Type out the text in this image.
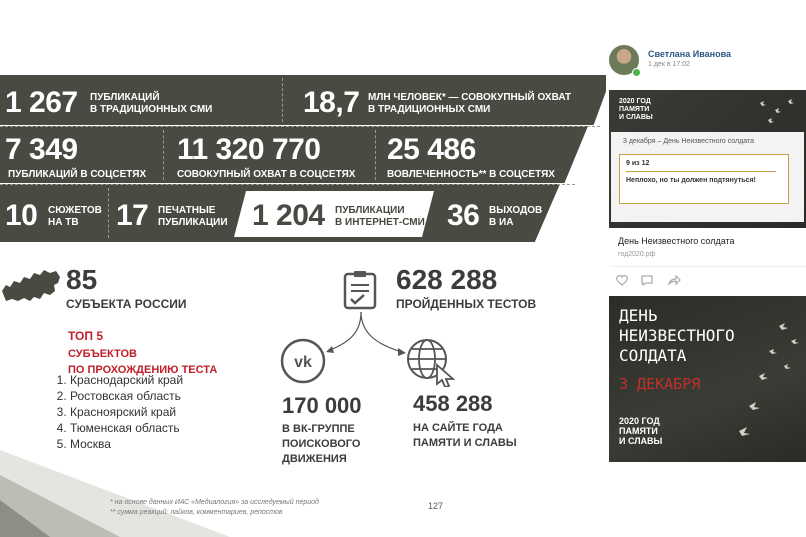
1 267 ПУБЛИКАЦИЙ
В ТРАДИЦИОННЫХ СМИ	18,7 МЛН ЧЕЛОВЕК* — СОВОКУПНЫЙ ОХВАТ
В ТРАДИЦИОННЫХ СМИ
7 349
ПУБЛИКАЦИЙ В СОЦСЕТЯХ
11 320 770
СОВОКУПНЫЙ ОХВАТ В СОЦСЕТЯХ
25 486
ВОВЛЕЧЕННОСТЬ** В СОЦСЕТЯХ
10 СЮЖЕТОВ
НА ТВ	17 ПЕЧАТНЫЕ
ПУБЛИКАЦИИ 1 204 ПУБЛИКАЦИИ
В ИНТЕРНЕТ-СМИ 36 ВЫХОДОВ
В ИА
85
СУБЪЕКТА РОССИИ
ТОП 5
СУБЪЕКТОВ
ПО ПРОХОЖДЕНИЮ ТЕСТА
1. Краснодарский край
2. Ростовская область
3. Красноярский край
4. Тюменская область
5. Москва
628 288
ПРОЙДЕННЫХ ТЕСТОВ
vk
170 000
В ВК-ГРУППЕ
ПОИСКОВОГО
ДВИЖЕНИЯ
458 288
НА САЙТЕ ГОДА
ПАМЯТИ И СЛАВЫ
* на основе данных ИАС «Медиалогия» за исследуемый период
** сумма реакций: лайков, комментариев, репостов
127
Светлана Иванова
1 дек в 17:02
2020 ГОД
ПАМЯТИ
И СЛАВЫ
3 декабря – День Неизвестного солдата
9 из 12
Неплохо, но ты должен подтянуться!
День Неизвестного солдата
год2020.рф
ДЕНЬ
НЕИЗВЕСТНОГО
СОЛДАТА
3 ДЕКАБРЯ
2020 ГОД
ПАМЯТИ
И СЛАВЫ
